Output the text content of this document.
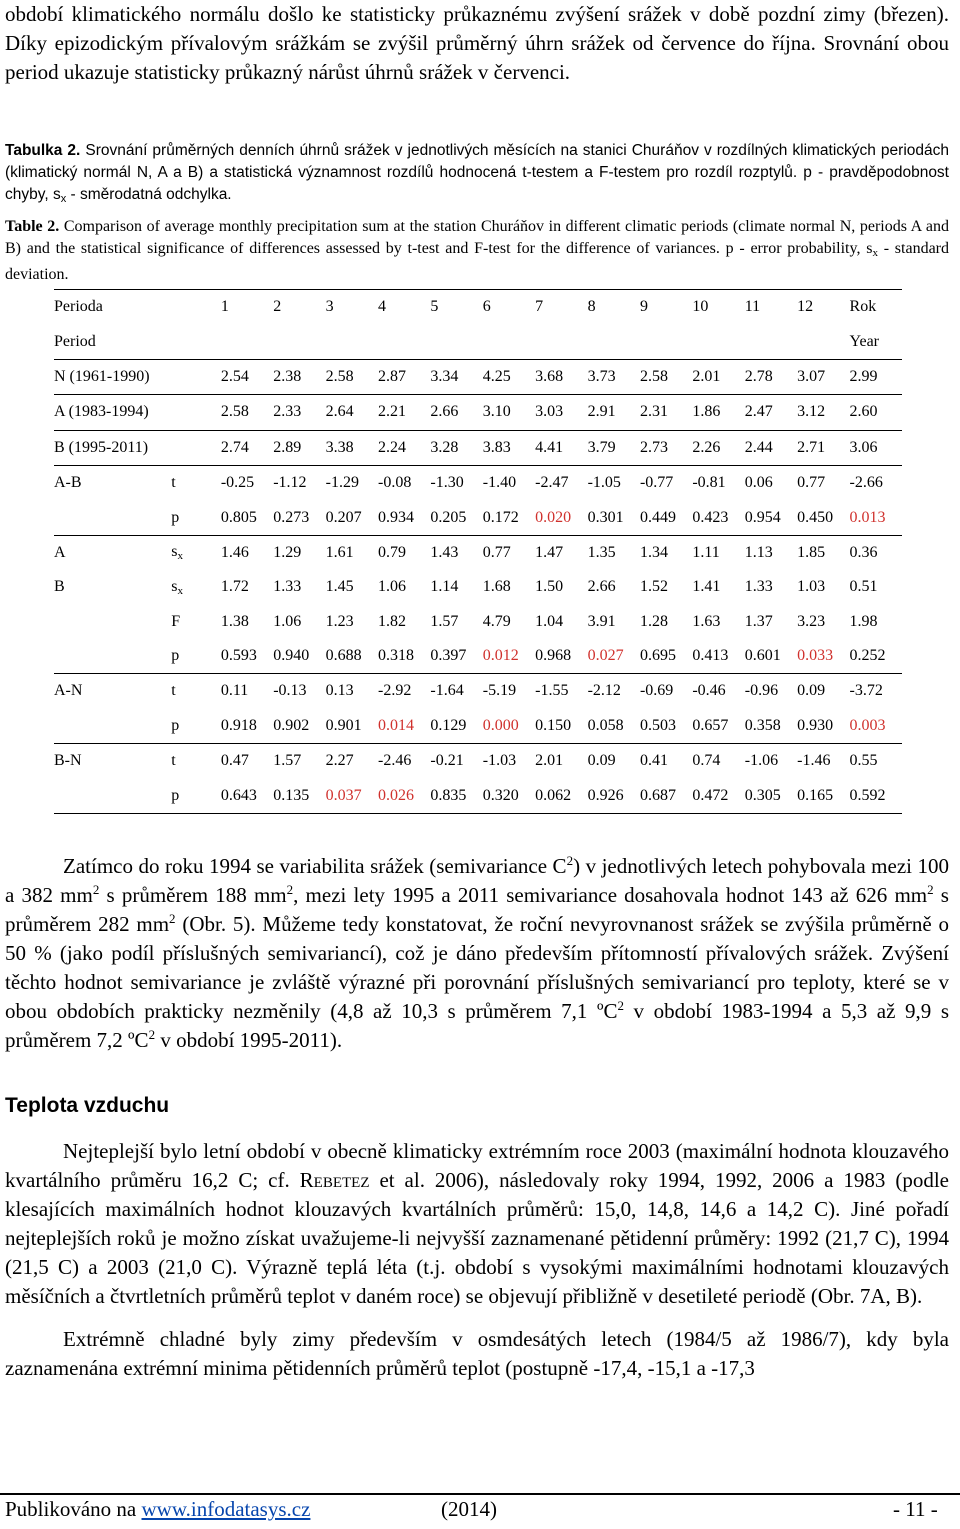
období klimatického normálu došlo ke statisticky průkaznému zvýšení srážek v době pozdní zimy (březen). Díky epizodickým přívalovým srážkám se zvýšil průměrný úhrn srážek od července do října. Srovnání obou period ukazuje statisticky průkazný nárůst úhrnů srážek v červenci.
Tabulka 2. Srovnání průměrných denních úhrnů srážek v jednotlivých měsících na stanici Churáňov v rozdílných klimatických periodách (klimatický normál N, A a B) a statistická významnost rozdílů hodnocená t-testem a F-testem pro rozdíl rozptylů. p - pravděpodobnost chyby, $s_x$ - směrodatná odchylka.
Table 2. Comparison of average monthly precipitation sum at the station Churáňov in different climatic periods (climate normal N, periods A and B) and the statistical significance of differences assessed by t-test and F-test for the difference of variances. p - error probability, $s_x$ - standard deviation.
Perioda		1	2	3	4	5	6	7	8	9	10	11	12	Rok
Period														Year
N (1961-1990)		2.54	2.38	2.58	2.87	3.34	4.25	3.68	3.73	2.58	2.01	2.78	3.07	2.99
A (1983-1994)		2.58	2.33	2.64	2.21	2.66	3.10	3.03	2.91	2.31	1.86	2.47	3.12	2.60
B (1995-2011)		2.74	2.89	3.38	2.24	3.28	3.83	4.41	3.79	2.73	2.26	2.44	2.71	3.06
A-B	t	-0.25	-1.12	-1.29	-0.08	-1.30	-1.40	-2.47	-1.05	-0.77	-0.81	0.06	0.77	-2.66
	p	0.805	0.273	0.207	0.934	0.205	0.172	0.020	0.301	0.449	0.423	0.954	0.450	0.013
A	$s_x$	1.46	1.29	1.61	0.79	1.43	0.77	1.47	1.35	1.34	1.11	1.13	1.85	0.36
B	$s_x$	1.72	1.33	1.45	1.06	1.14	1.68	1.50	2.66	1.52	1.41	1.33	1.03	0.51
	F	1.38	1.06	1.23	1.82	1.57	4.79	1.04	3.91	1.28	1.63	1.37	3.23	1.98
	p	0.593	0.940	0.688	0.318	0.397	0.012	0.968	0.027	0.695	0.413	0.601	0.033	0.252
A-N	t	0.11	-0.13	0.13	-2.92	-1.64	-5.19	-1.55	-2.12	-0.69	-0.46	-0.96	0.09	-3.72
	p	0.918	0.902	0.901	0.014	0.129	0.000	0.150	0.058	0.503	0.657	0.358	0.930	0.003
B-N	t	0.47	1.57	2.27	-2.46	-0.21	-1.03	2.01	0.09	0.41	0.74	-1.06	-1.46	0.55
	p	0.643	0.135	0.037	0.026	0.835	0.320	0.062	0.926	0.687	0.472	0.305	0.165	0.592

Zatímco do roku 1994 se variabilita srážek (semivariance $C^2$) v jednotlivých letech pohybovala mezi 100 a 382 $mm^2$ s průměrem 188 $mm^2$, mezi lety 1995 a 2011 semivariance dosahovala hodnot 143 až 626 $mm^2$ s průměrem 282 $mm^2$ (Obr. 5). Můžeme tedy konstatovat, že roční nevyrovnanost srážek se zvýšila průměrně o 50 % (jako podíl příslušných semivariancí), což je dáno především přítomností přívalových srážek. Zvýšení těchto hodnot semivariance je zvláště výrazné při porovnání příslušných semivariancí pro teploty, které se v obou obdobích prakticky nezměnily (4,8 až 10,3 s průměrem 7,1 ºC$^2$ v období 1983-1994 a 5,3 až 9,9 s průměrem 7,2 ºC$^2$ v období 1995-2011).

Teplota vzduchu

Nejteplejší bylo letní období v obecně klimaticky extrémním roce 2003 (maximální hodnota klouzavého kvartálního průměru 16,2 C; cf. Rebetez et al. 2006), následovaly roky 1994, 1992, 2006 a 1983 (podle klesajících maximálních hodnot klouzavých kvartálních průměrů: 15,0, 14,8, 14,6 a 14,2 C). Jiné pořadí nejteplejších roků je možno získat uvažujeme-li nejvyšší zaznamenané pětidenní průměry: 1992 (21,7 C), 1994 (21,5 C) a 2003 (21,0 C). Výrazně teplá léta (t.j. období s vysokými maximálními hodnotami klouzavých měsíčních a čtvrtletních průměrů teplot v daném roce) se objevují přibližně v desetileté periodě (Obr. 7A, B).

Extrémně chladné byly zimy především v osmdesátých letech (1984/5 až 1986/7), kdy byla zaznamenána extrémní minima pětidenních průměrů teplot (postupně -17,4, -15,1 a -17,3

Publikováno na www.infodatasys.cz	(2014)	- 11 -
